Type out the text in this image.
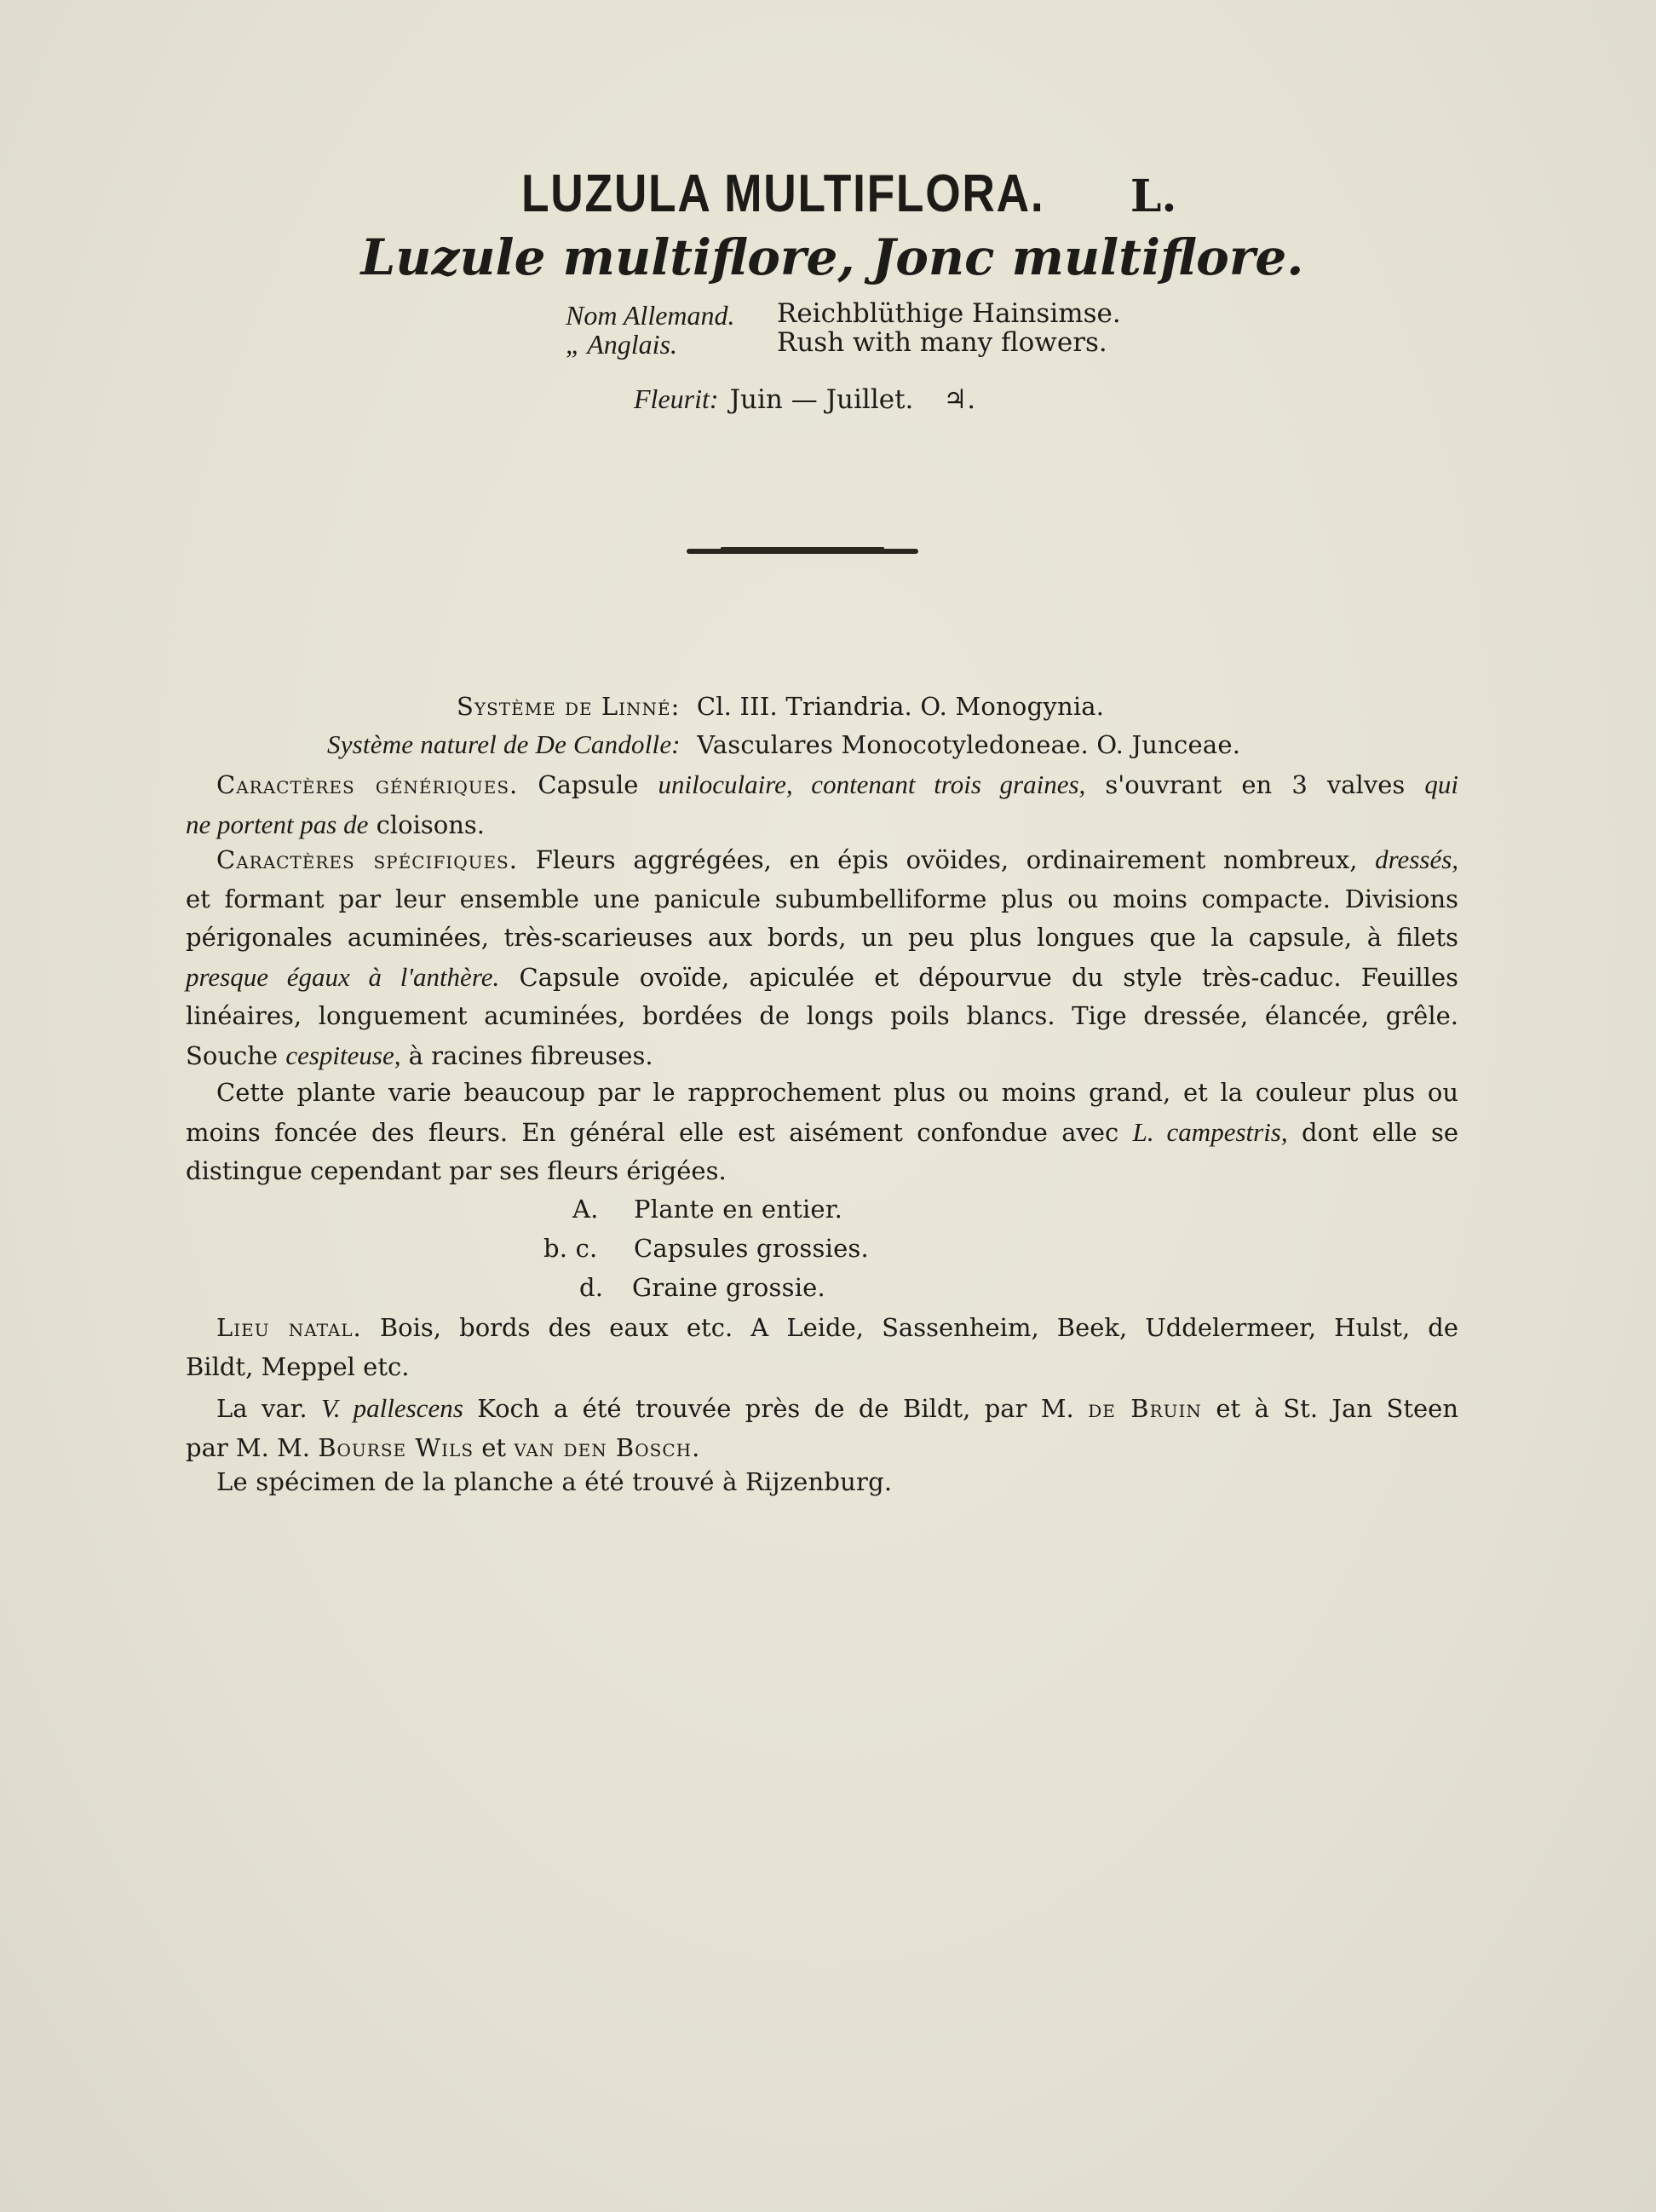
LUZULA MULTIFLORA. L.
Luzule multiflore, Jonc multiflore.
Nom Allemand. Reichblüthige Hainsimse.
„ Anglais.	Rush with many flowers.
Fleurit: Juin — Juillet. ♃.
Système de Linné: Cl. III. Triandria. O. Monogynia.
Système naturel de De Candolle: Vasculares Monocotyledoneae. O. Junceae.
Caractères génériques. Capsule uniloculaire, contenant trois graines, s'ouvrant en 3 valves qui
ne portent pas de cloisons.
Caractères spécifiques. Fleurs aggrégées, en épis ovöides, ordinairement nombreux, dressés,
et formant par leur ensemble une panicule subumbelliforme plus ou moins compacte. Divisions
périgonales acuminées, très-scarieuses aux bords, un peu plus longues que la capsule, à filets
presque égaux à l'anthère. Capsule ovoïde, apiculée et dépourvue du style très-caduc. Feuilles
linéaires, longuement acuminées, bordées de longs poils blancs. Tige dressée, élancée, grêle.
Souche cespiteuse, à racines fibreuses.
Cette plante varie beaucoup par le rapprochement plus ou moins grand, et la couleur plus ou
moins foncée des fleurs. En général elle est aisément confondue avec L. campestris, dont elle se
distingue cependant par ses fleurs érigées.
A. Plante en entier.
b. c. Capsules grossies.
d. Graine grossie.
Lieu natal. Bois, bords des eaux etc. A Leide, Sassenheim, Beek, Uddelermeer, Hulst, de
Bildt, Meppel etc.
La var. V. pallescens Koch a été trouvée près de de Bildt, par M. de Bruin et à St. Jan Steen
par M. M. Bourse Wils et van den Bosch.
Le spécimen de la planche a été trouvé à Rijzenburg.
